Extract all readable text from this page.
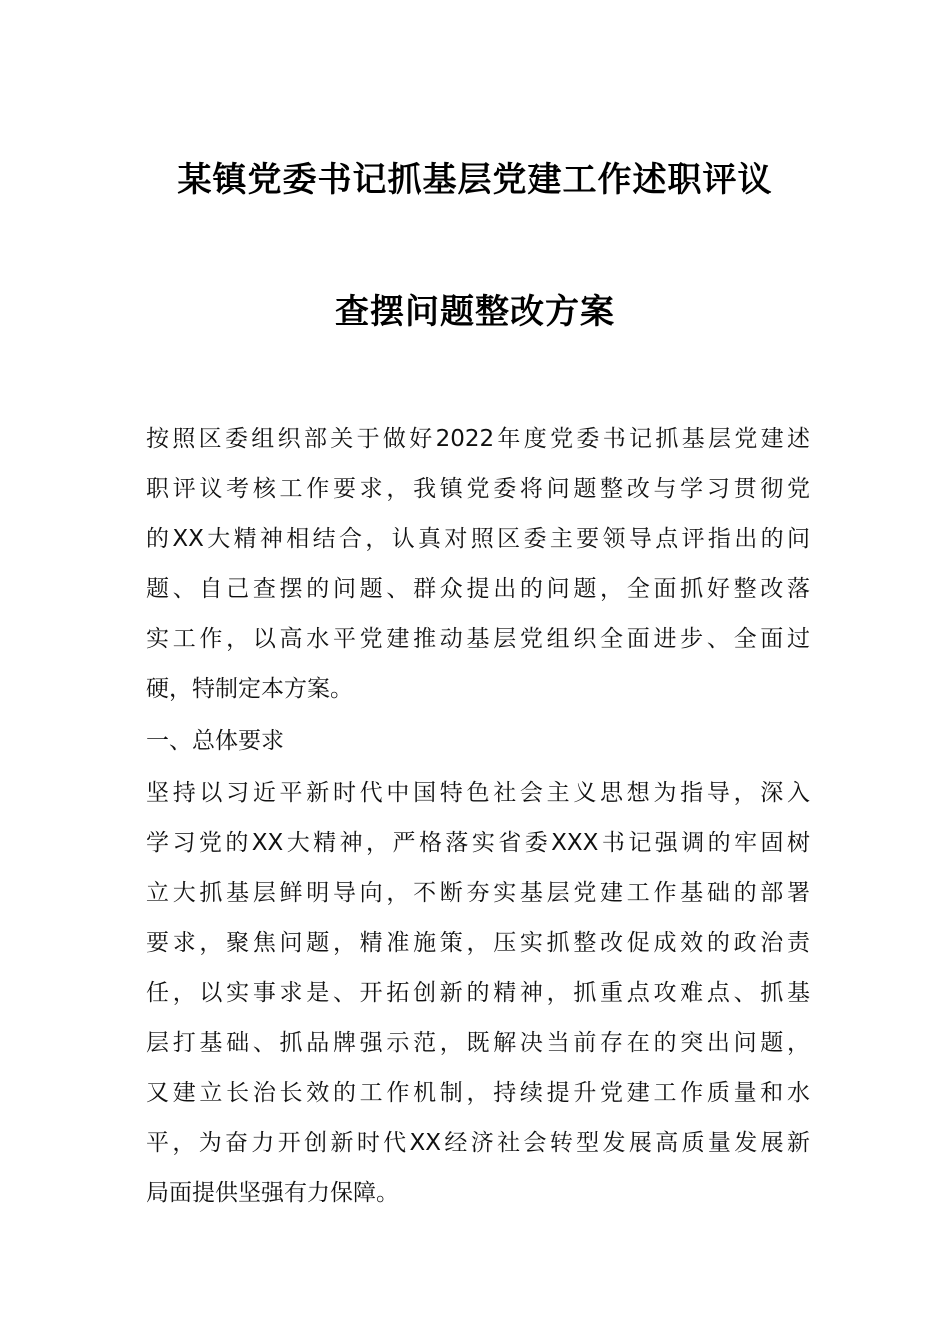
某镇党委书记抓基层党建工作述职评议
查摆问题整改方案
按照区委组织部关于做好2022年度党委书记抓基层党建述
职评议考核工作要求，我镇党委将问题整改与学习贯彻党
的XX大精神相结合，认真对照区委主要领导点评指出的问
题、自己查摆的问题、群众提出的问题，全面抓好整改落
实工作，以高水平党建推动基层党组织全面进步、全面过
硬，特制定本方案。
一、总体要求
坚持以习近平新时代中国特色社会主义思想为指导，深入
学习党的XX大精神，严格落实省委XXX书记强调的牢固树
立大抓基层鲜明导向，不断夯实基层党建工作基础的部署
要求，聚焦问题，精准施策，压实抓整改促成效的政治责
任，以实事求是、开拓创新的精神，抓重点攻难点、抓基
层打基础、抓品牌强示范，既解决当前存在的突出问题，
又建立长治长效的工作机制，持续提升党建工作质量和水
平，为奋力开创新时代XX经济社会转型发展高质量发展新
局面提供坚强有力保障。
